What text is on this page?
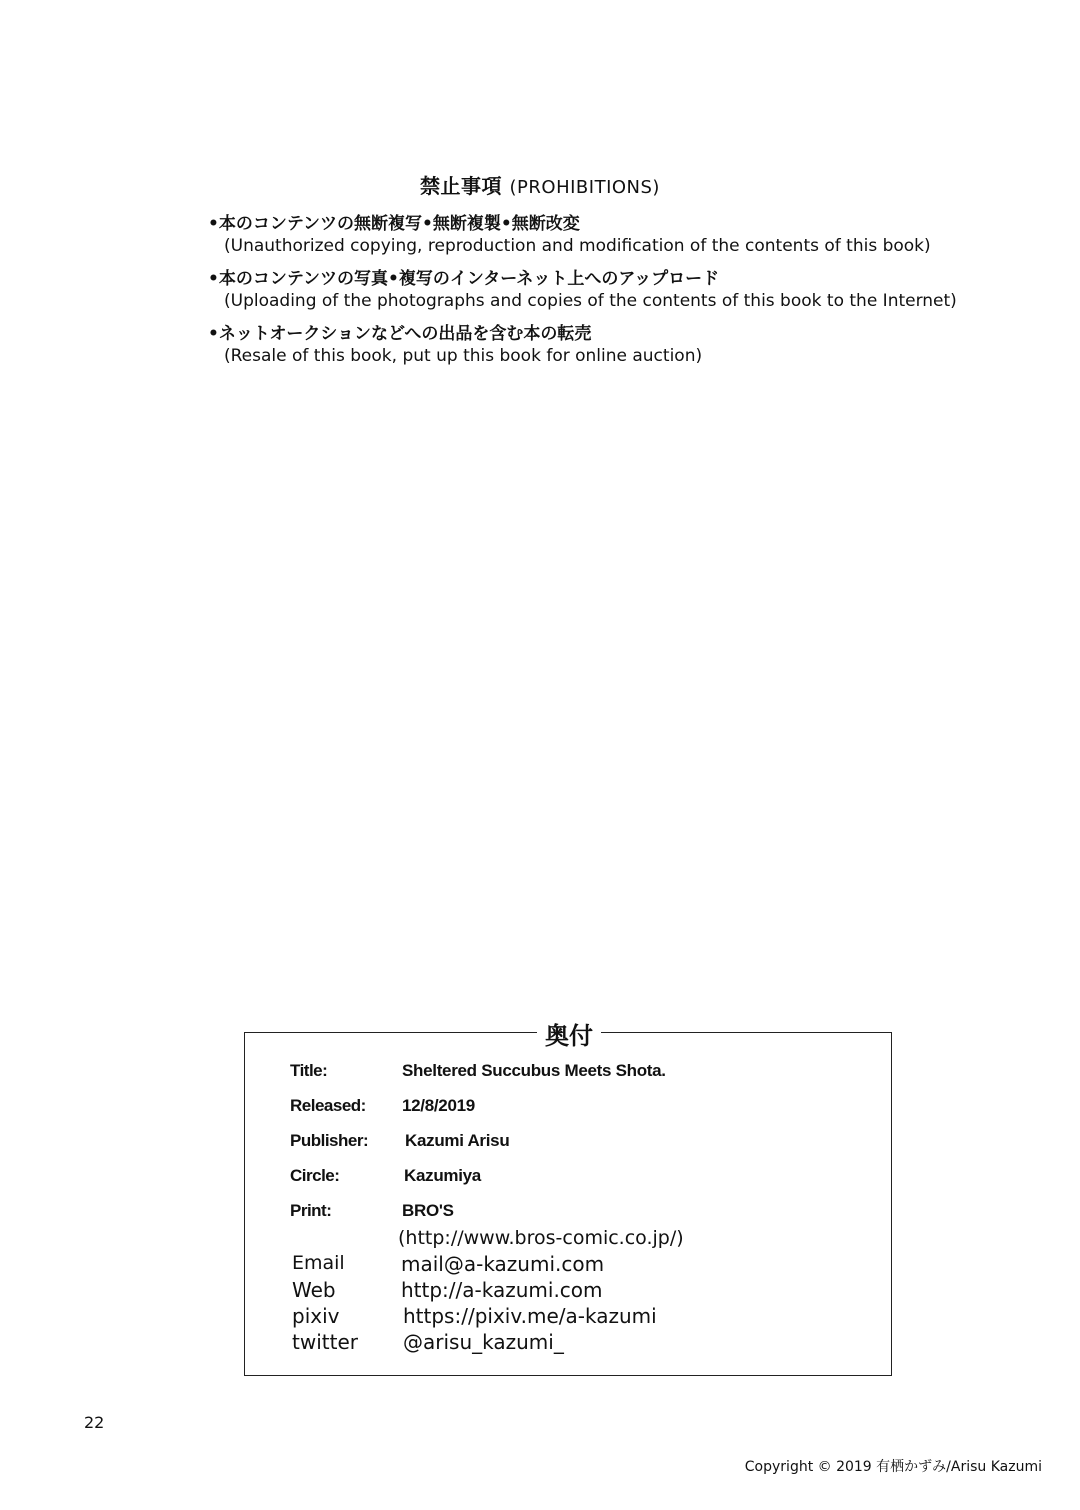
禁止事項 (PROHIBITIONS)
•本のコンテンツの無断複写•無断複製•無断改変
(Unauthorized copying, reproduction and modification of the contents of this book)
•本のコンテンツの写真•複写のインターネット上へのアップロード
(Uploading of the photographs and copies of the contents of this book to the Internet)
•ネットオークションなどへの出品を含む本の転売
(Resale of this book, put up this book for online auction)
奥付
Title:	Sheltered Succubus Meets Shota.
Released: 12/8/2019
Publisher: Kazumi Arisu
Circle:	Kazumiya
Print:	BRO'S
(http://www.bros-comic.co.jp/)
Email	mail@a-kazumi.com
Web	http://a-kazumi.com
pixiv	https://pixiv.me/a-kazumi
twitter @arisu_kazumi_
22
Copyright © 2019 有栖かずみ/Arisu Kazumi
